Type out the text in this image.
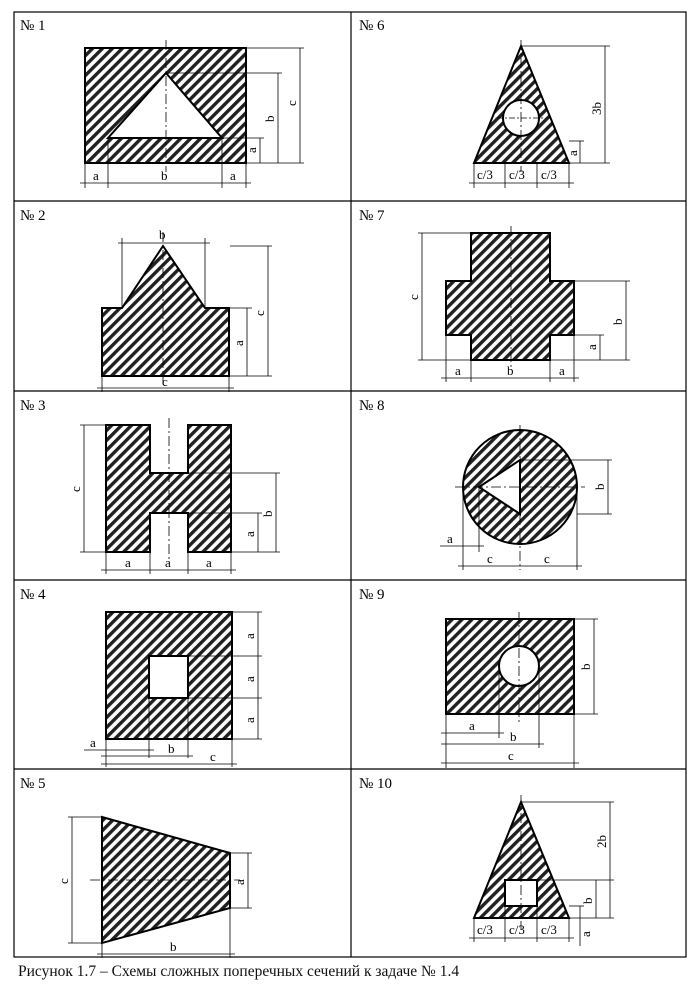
№ 1
№ 2
№ 3
№ 4
№ 5
№ 6
№ 7
№ 8
№ 9
№ 10
c
b
a
a	b	a
b
c
a
c
c
b
a
a	a	a
a
a
a
a	b
c
c	a
b
3b
a
c/3 c/3 c/3
c
b
a
a	b	a
b
a
c	c
b
a
b
c
2b
b
a
c/3 c/3 c/3
Рисунок 1.7 – Схемы сложных поперечных сечений к задаче № 1.4
